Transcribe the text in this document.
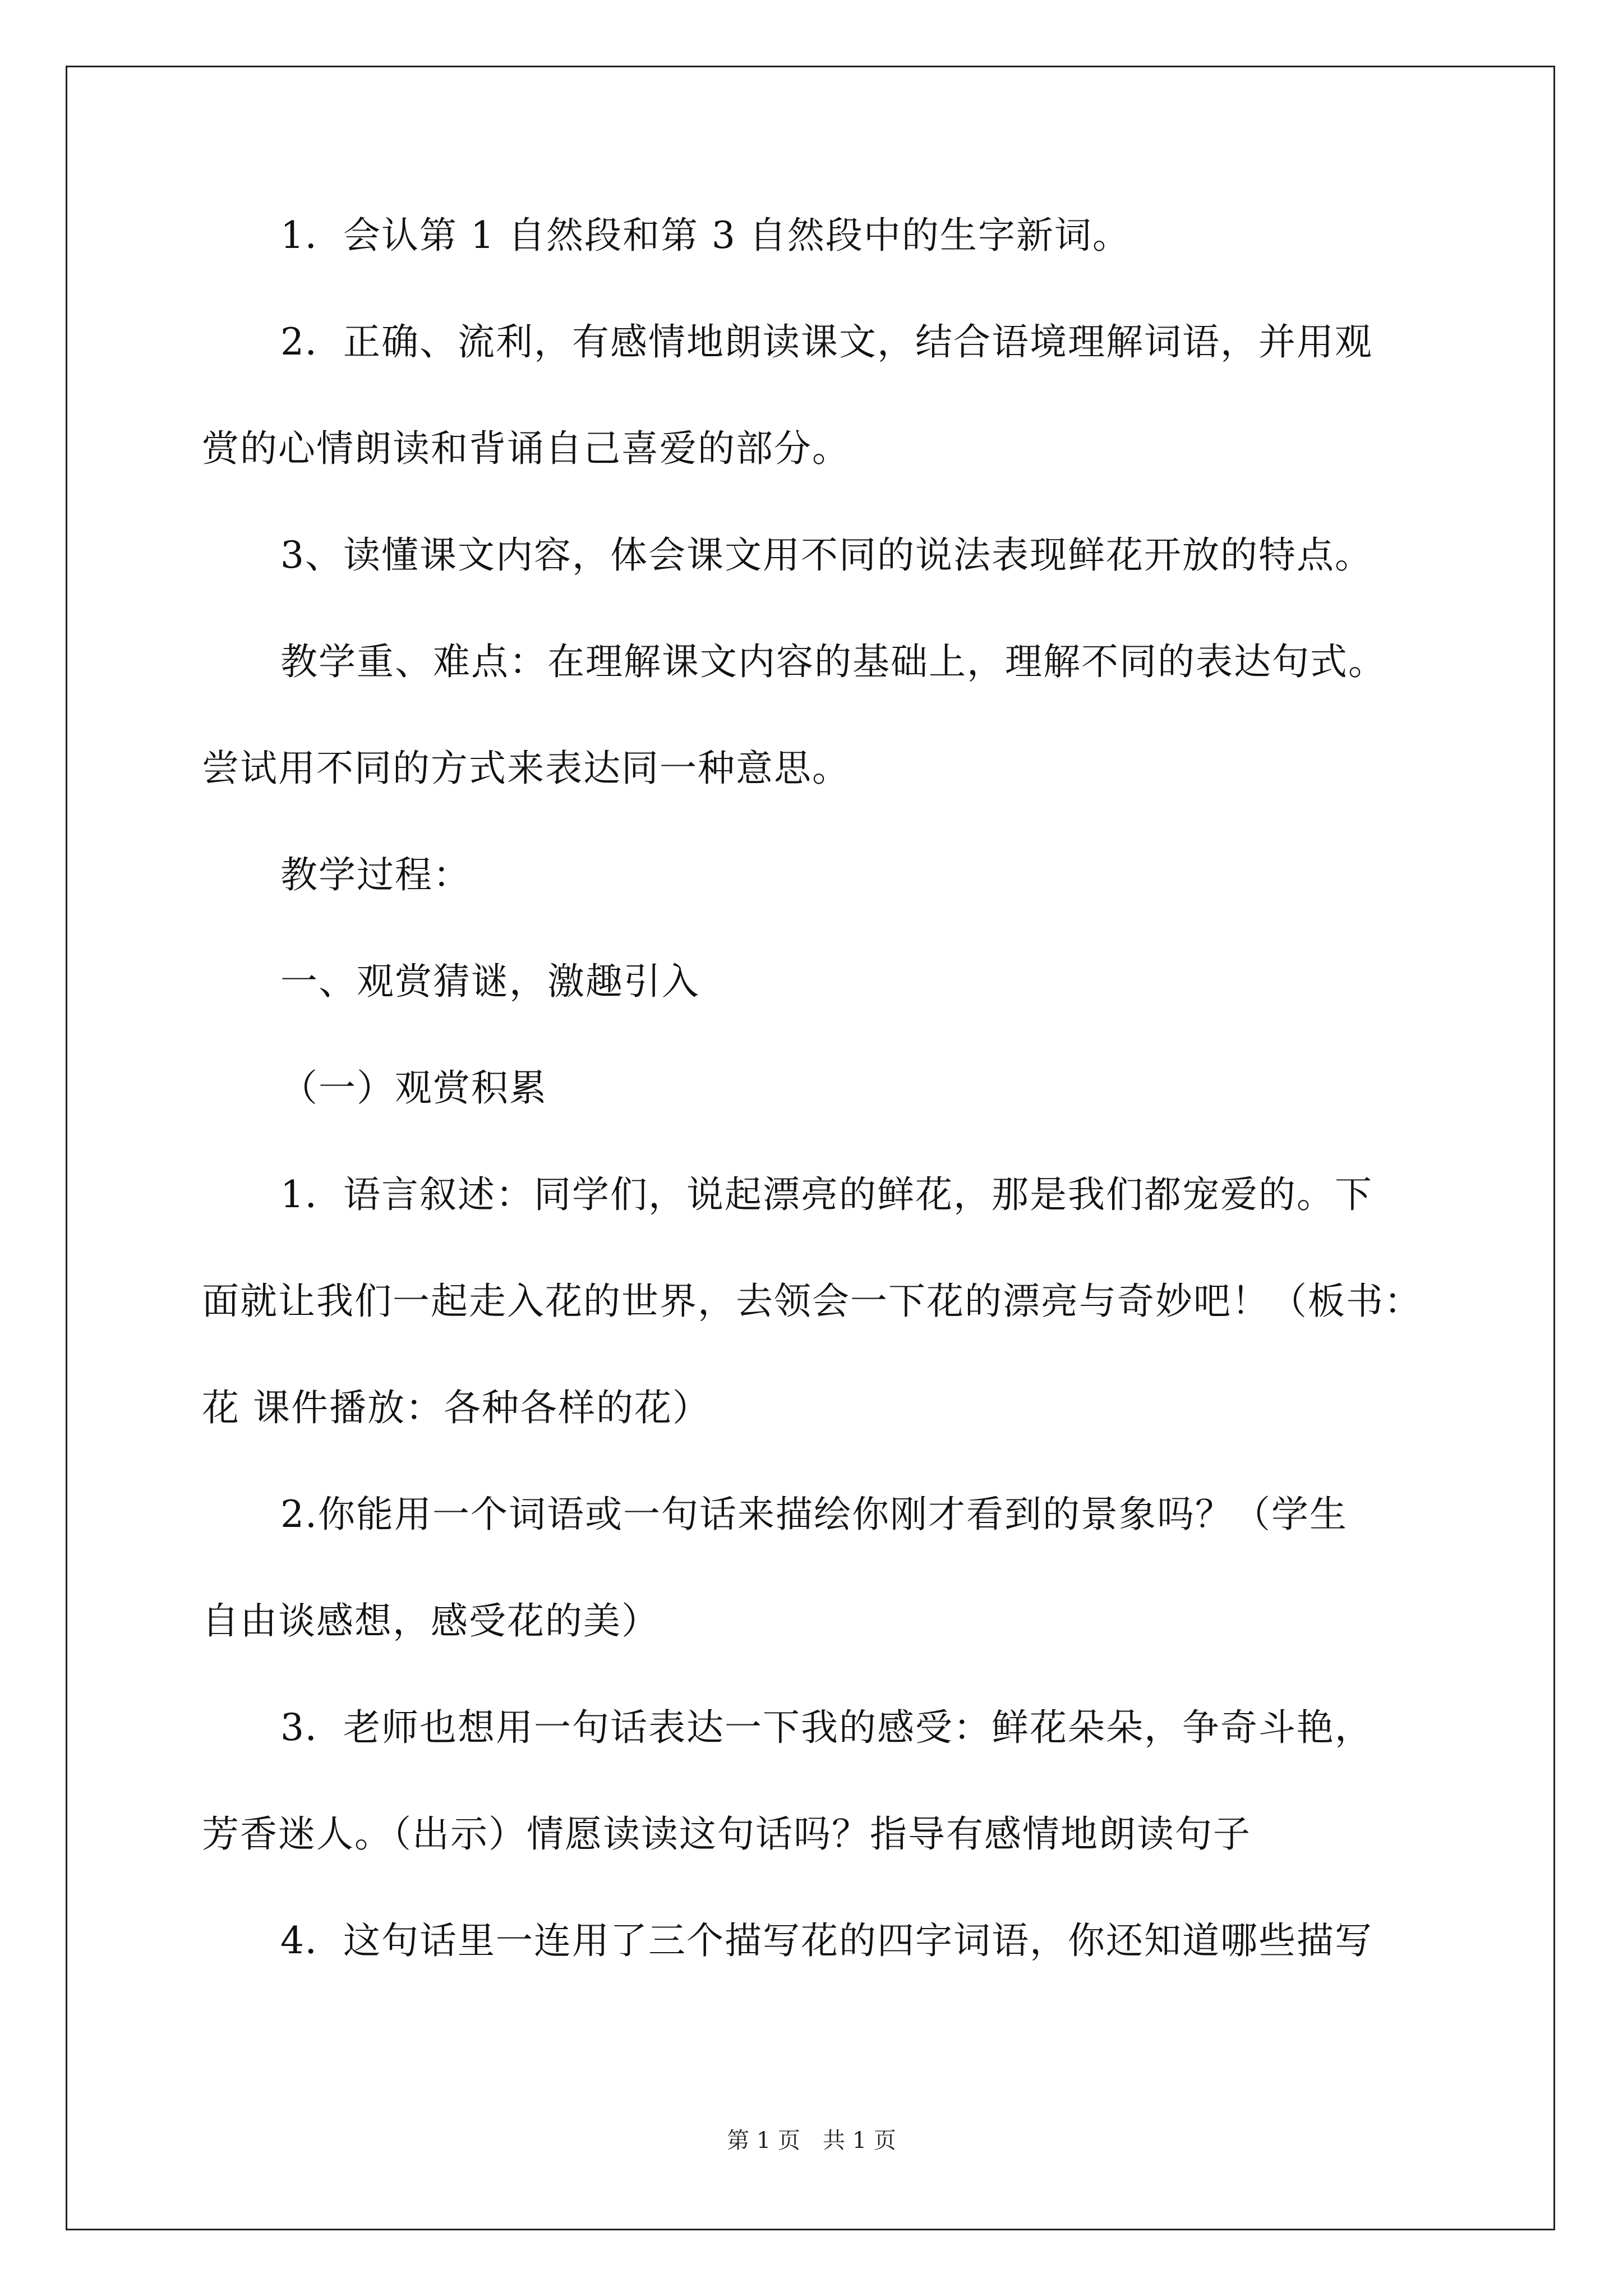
1．会认第 1 自然段和第 3 自然段中的生字新词。
2．正确、流利，有感情地朗读课文，结合语境理解词语，并用观
赏的心情朗读和背诵自己喜爱的部分。
3、读懂课文内容，体会课文用不同的说法表现鲜花开放的特点。
教学重、难点：在理解课文内容的基础上，理解不同的表达句式。
尝试用不同的方式来表达同一种意思。
教学过程：
一、观赏猜谜，激趣引入
（一）观赏积累
1．语言叙述：同学们，说起漂亮的鲜花，那是我们都宠爱的。下
面就让我们一起走入花的世界，去领会一下花的漂亮与奇妙吧！（板书：
花 课件播放：各种各样的花）
2.你能用一个词语或一句话来描绘你刚才看到的景象吗？（学生
自由谈感想，感受花的美）
3．老师也想用一句话表达一下我的感受：鲜花朵朵，争奇斗艳，
芳香迷人。（出示）情愿读读这句话吗？指导有感情地朗读句子
4．这句话里一连用了三个描写花的四字词语，你还知道哪些描写
第 1 页　共 1 页
